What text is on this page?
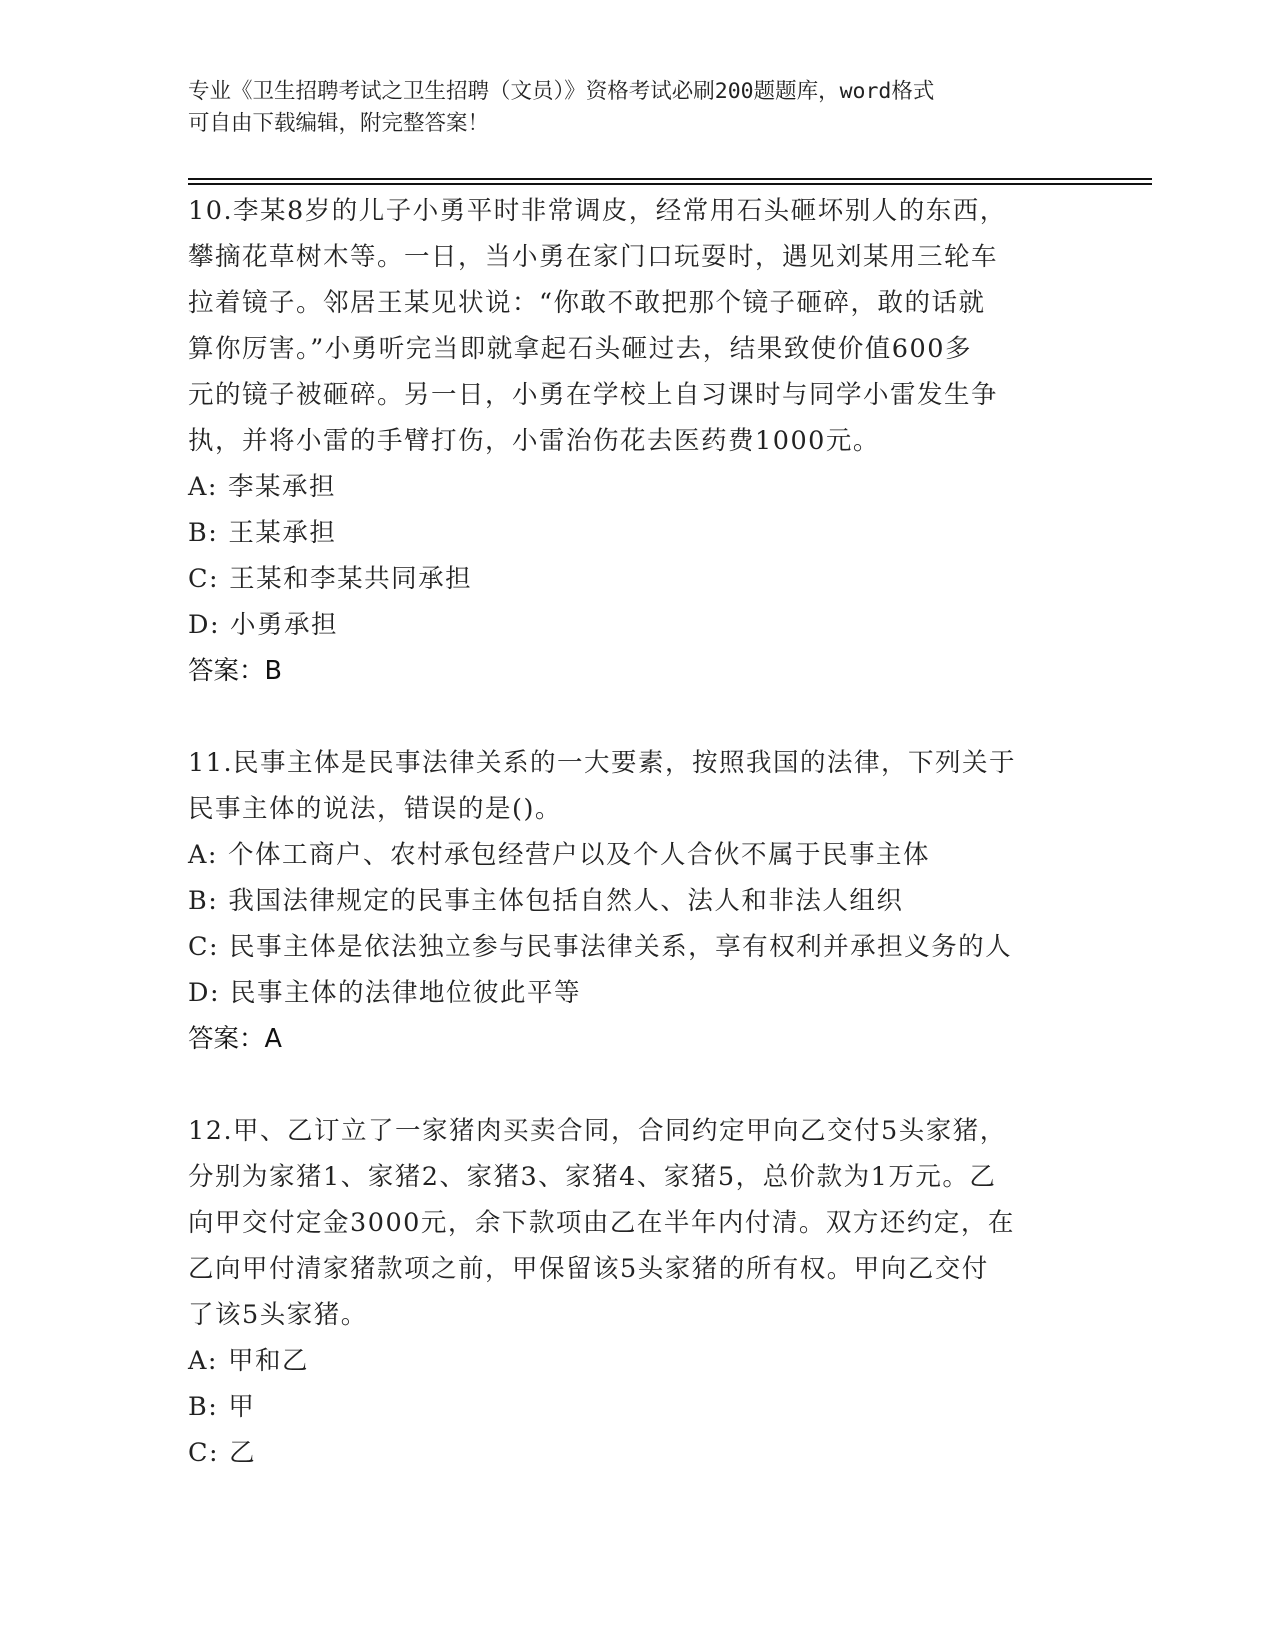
专业《卫生招聘考试之卫生招聘（文员）》资格考试必刷200题题库，word格式
可自由下载编辑，附完整答案！
10.李某8岁的儿子小勇平时非常调皮，经常用石头砸坏别人的东西，
攀摘花草树木等。一日，当小勇在家门口玩耍时，遇见刘某用三轮车
拉着镜子。邻居王某见状说：“你敢不敢把那个镜子砸碎，敢的话就
算你厉害。”小勇听完当即就拿起石头砸过去，结果致使价值600多
元的镜子被砸碎。另一日，小勇在学校上自习课时与同学小雷发生争
执，并将小雷的手臂打伤，小雷治伤花去医药费1000元。
A: 李某承担
B: 王某承担
C: 王某和李某共同承担
D: 小勇承担
答案：B
11.民事主体是民事法律关系的一大要素，按照我国的法律，下列关于
民事主体的说法，错误的是()。
A: 个体工商户、农村承包经营户以及个人合伙不属于民事主体
B: 我国法律规定的民事主体包括自然人、法人和非法人组织
C: 民事主体是依法独立参与民事法律关系，享有权利并承担义务的人
D: 民事主体的法律地位彼此平等
答案：A
12.甲、乙订立了一家猪肉买卖合同，合同约定甲向乙交付5头家猪，
分别为家猪1、家猪2、家猪3、家猪4、家猪5，总价款为1万元。乙
向甲交付定金3000元，余下款项由乙在半年内付清。双方还约定，在
乙向甲付清家猪款项之前，甲保留该5头家猪的所有权。甲向乙交付
了该5头家猪。
A: 甲和乙
B: 甲
C: 乙
